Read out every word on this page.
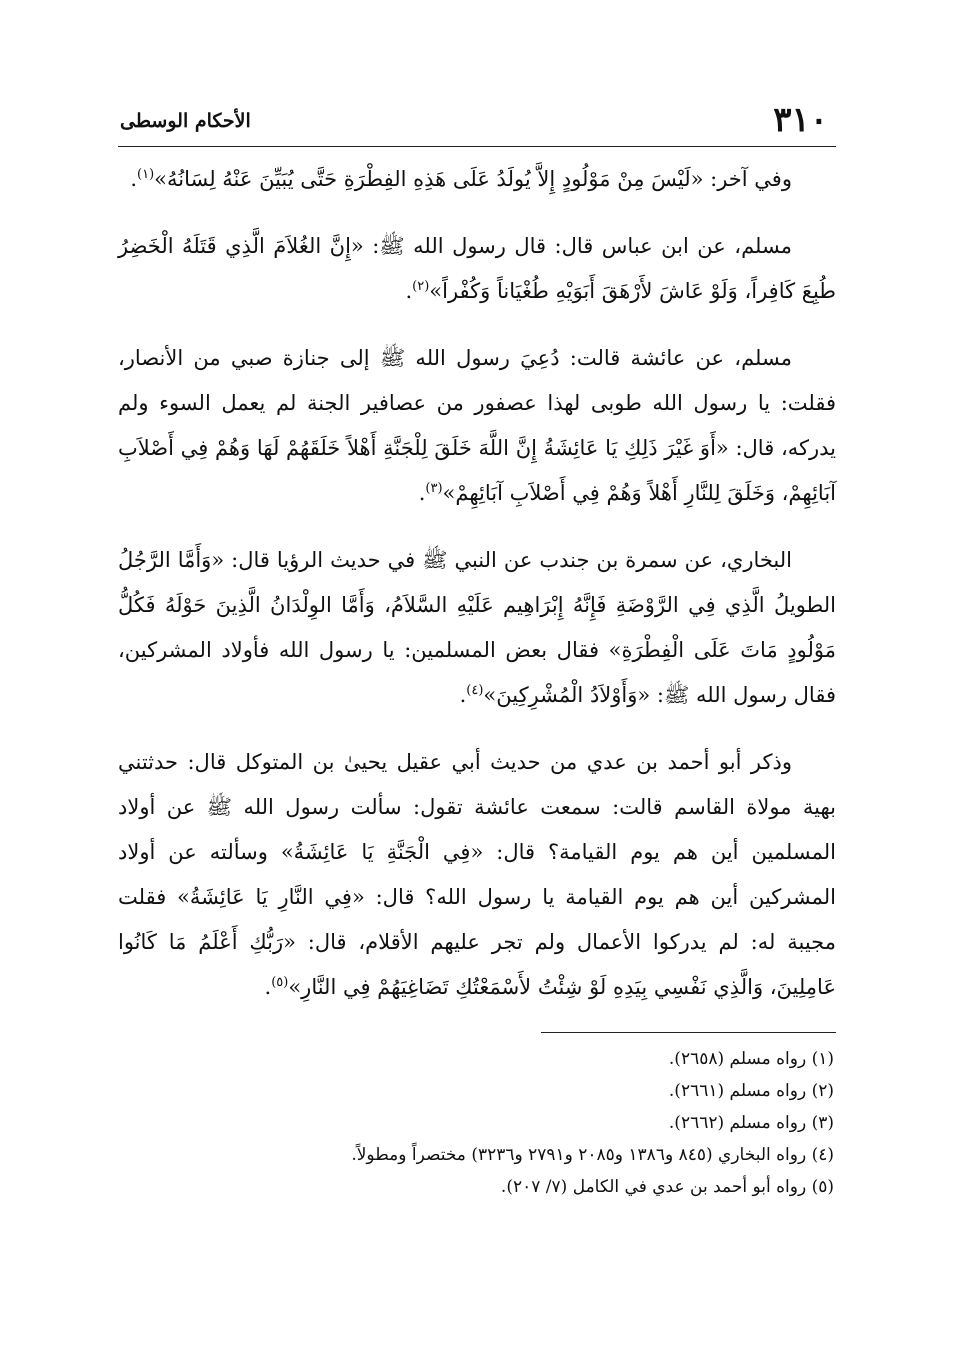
٣١٠
الأحكام الوسطى

وفي آخر: «لَيْسَ مِنْ مَوْلُودٍ إِلاَّ يُولَدُ عَلَى هَذِهِ الفِطْرَةِ حَتَّى يُبَيِّنَ عَنْهُ لِسَانُهُ»$^{(١)}$.

مسلم، عن ابن عباس قال: قال رسول الله ﷺ: «إِنَّ الغُلاَمَ الَّذِي قَتَلَهُ الْخَضِرُ طُبِعَ كَافِراً، وَلَوْ عَاشَ لأَرْهَقَ أَبَوَيْهِ طُغْيَاناً وَكُفْراً»$^{(٢)}$.

مسلم، عن عائشة قالت: دُعِيَ رسول الله ﷺ إلى جنازة صبي من الأنصار، فقلت: يا رسول الله طوبى لهذا عصفور من عصافير الجنة لم يعمل السوء ولم يدركه، قال: «أَوَ غَيْرَ ذَلِكِ يَا عَائِشَةُ إِنَّ اللَّهَ خَلَقَ لِلْجَنَّةِ أَهْلاً خَلَقَهُمْ لَهَا وَهُمْ فِي أَصْلاَبِ آبَائِهِمْ، وَخَلَقَ لِلنَّارِ أَهْلاً وَهُمْ فِي أَصْلاَبِ آبَائِهِمْ»$^{(٣)}$.

البخاري، عن سمرة بن جندب عن النبي ﷺ في حديث الرؤيا قال: «وَأَمَّا الرَّجُلُ الطويلُ الَّذِي فِي الرَّوْضَةِ فَإِنَّهُ إِبْرَاهِيم عَلَيْهِ السَّلاَمُ، وَأَمَّا الوِلْدَانُ الَّذِينَ حَوْلَهُ فَكُلُّ مَوْلُودٍ مَاتَ عَلَى الْفِطْرَةِ» فقال بعض المسلمين: يا رسول الله فأولاد المشركين، فقال رسول الله ﷺ: «وَأَوْلاَدُ الْمُشْرِكِينَ»$^{(٤)}$.

وذكر أبو أحمد بن عدي من حديث أبي عقيل يحيىٰ بن المتوكل قال: حدثتني بهية مولاة القاسم قالت: سمعت عائشة تقول: سألت رسول الله ﷺ عن أولاد المسلمين أين هم يوم القيامة؟ قال: «فِي الْجَنَّةِ يَا عَائِشَةُ» وسألته عن أولاد المشركين أين هم يوم القيامة يا رسول الله؟ قال: «فِي النَّارِ يَا عَائِشَةُ» فقلت مجيبة له: لم يدركوا الأعمال ولم تجر عليهم الأقلام، قال: «رَبُّكِ أَعْلَمُ مَا كَانُوا عَامِلِينَ، وَالَّذِي نَفْسِي بِيَدِهِ لَوْ شِئْتُ لأَسْمَعْتُكِ تَضَاغِيَهُمْ فِي النَّارِ»$^{(٥)}$.

(١) رواه مسلم (٢٦٥٨).

(٢) رواه مسلم (٢٦٦١).

(٣) رواه مسلم (٢٦٦٢).

(٤) رواه البخاري (٨٤٥ و١٣٨٦ و٢٠٨٥ و٢٧٩١ و٣٢٣٦) مختصراً ومطولاً.

(٥) رواه أبو أحمد بن عدي في الكامل (٧/ ٢٠٧).
